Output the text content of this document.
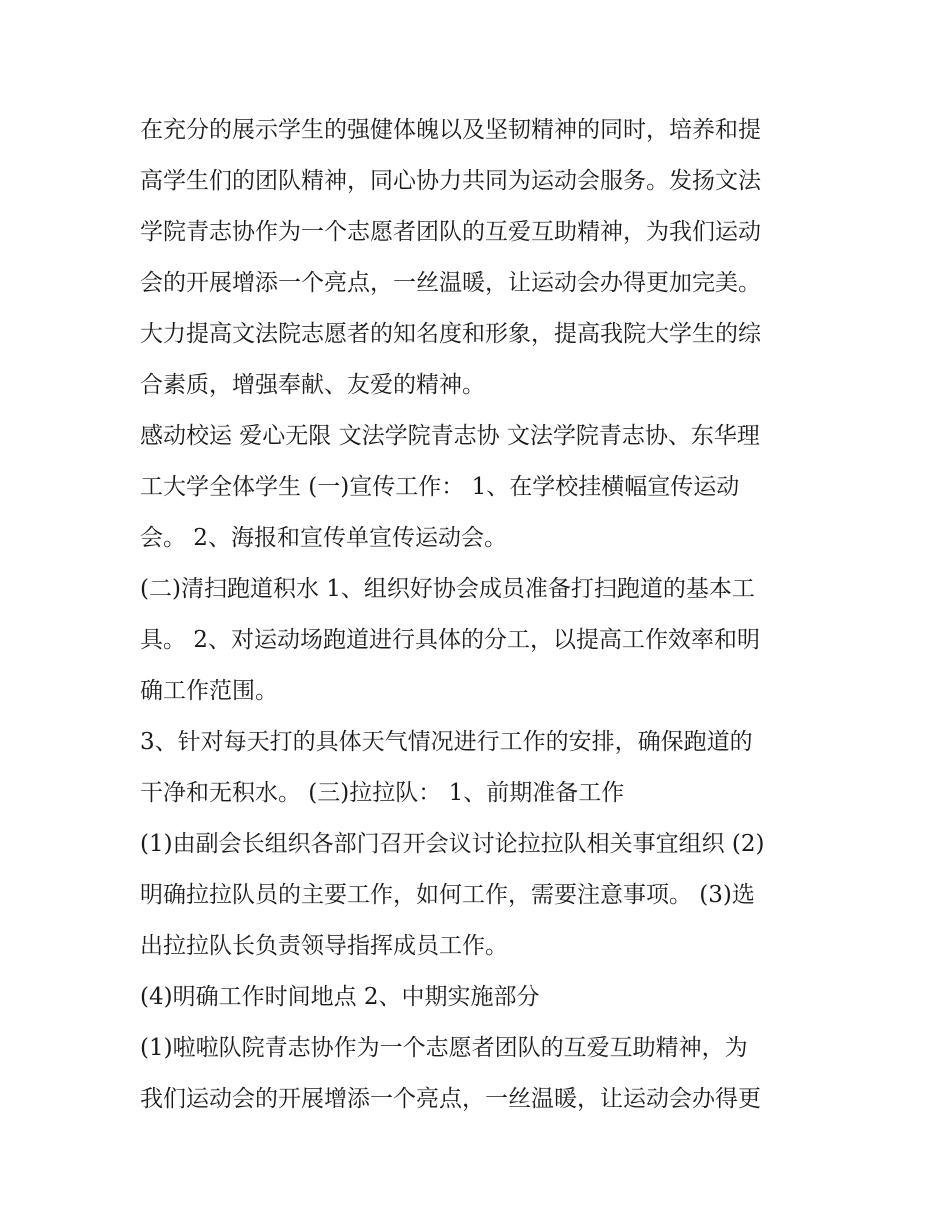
在充分的展示学生的强健体魄以及坚韧精神的同时，培养和提
高学生们的团队精神，同心协力共同为运动会服务。发扬文法
学院青志协作为一个志愿者团队的互爱互助精神，为我们运动
会的开展增添一个亮点，一丝温暖，让运动会办得更加完美。
大力提高文法院志愿者的知名度和形象，提高我院大学生的综
合素质，增强奉献、友爱的精神。
感动校运 爱心无限 文法学院青志协 文法学院青志协、东华理
工大学全体学生 (一)宣传工作： 1、在学校挂横幅宣传运动
会。 2、海报和宣传单宣传运动会。
(二)清扫跑道积水 1、组织好协会成员准备打扫跑道的基本工
具。 2、对运动场跑道进行具体的分工，以提高工作效率和明
确工作范围。
3、针对每天打的具体天气情况进行工作的安排，确保跑道的
干净和无积水。 (三)拉拉队： 1、前期准备工作
(1)由副会长组织各部门召开会议讨论拉拉队相关事宜组织 (2)
明确拉拉队员的主要工作，如何工作，需要注意事项。 (3)选
出拉拉队长负责领导指挥成员工作。
(4)明确工作时间地点 2、中期实施部分
(1)啦啦队院青志协作为一个志愿者团队的互爱互助精神，为
我们运动会的开展增添一个亮点，一丝温暖，让运动会办得更
